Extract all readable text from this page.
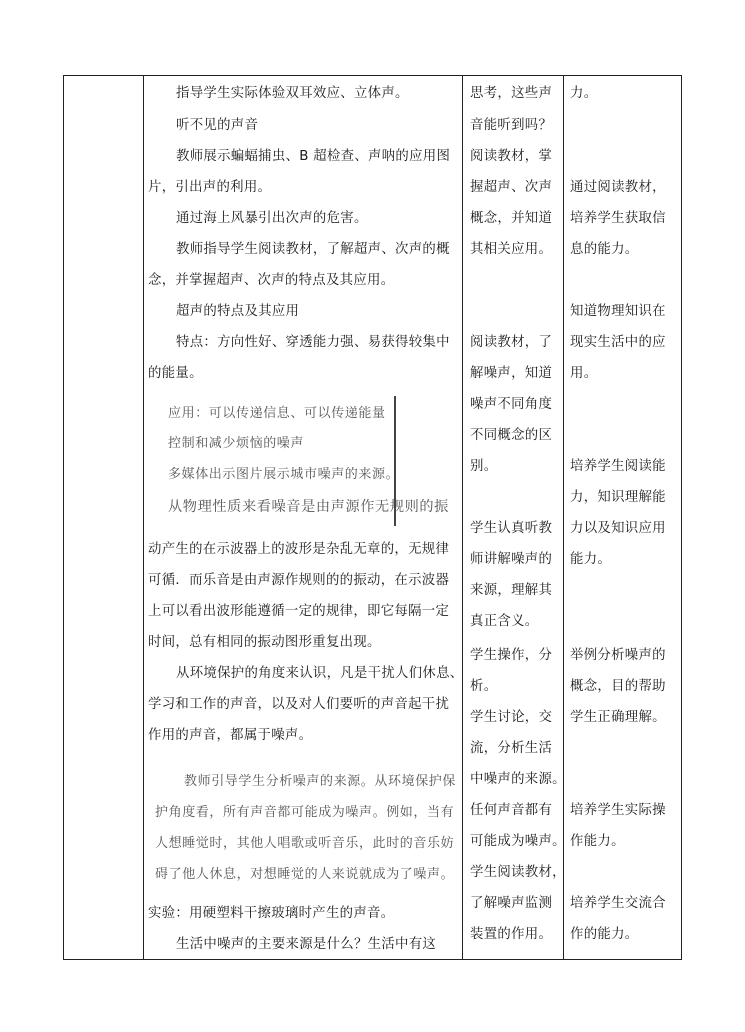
指导学生实际体验双耳效应、立体声。
听不见的声音
教师展示蝙蝠捕虫、B 超检查、声呐的应用图
片，引出声的利用。
通过海上风暴引出次声的危害。
教师指导学生阅读教材，了解超声、次声的概
念，并掌握超声、次声的特点及其应用。
超声的特点及其应用
特点：方向性好、穿透能力强、易获得较集中
的能量。
应用：可以传递信息、可以传递能量
控制和减少烦恼的噪声
多媒体出示图片展示城市噪声的来源。
从物理性质来看噪音是由声源作无规则的振
动产生的在示波器上的波形是杂乱无章的，无规律
可循．而乐音是由声源作规则的的振动，在示波器
上可以看出波形能遵循一定的规律，即它每隔一定
时间，总有相同的振动图形重复出现。
从环境保护的角度来认识，凡是干扰人们休息、
学习和工作的声音，以及对人们要听的声音起干扰
作用的声音，都属于噪声。
教师引导学生分析噪声的来源。从环境保护保
护角度看，所有声音都可能成为噪声。例如，当有
人想睡觉时，其他人唱歌或听音乐，此时的音乐妨
碍了他人休息，对想睡觉的人来说就成为了噪声。
实验：用硬塑料干擦玻璃时产生的声音。
生活中噪声的主要来源是什么？生活中有这
思考，这些声
音能听到吗？
阅读教材，掌
握超声、次声
概念，并知道
其相关应用。
阅读教材，了
解噪声，知道
噪声不同角度
不同概念的区
别。
学生认真听教
师讲解噪声的
来源，理解其
真正含义。
学生操作，分
析。
学生讨论，交
流，分析生活
中噪声的来源。
任何声音都有
可能成为噪声。
学生阅读教材，
了解噪声监测
装置的作用。
力。
通过阅读教材，
培养学生获取信
息的能力。
知道物理知识在
现实生活中的应
用。
培养学生阅读能
力，知识理解能
力以及知识应用
能力。
举例分析噪声的
概念，目的帮助
学生正确理解。
培养学生实际操
作能力。
培养学生交流合
作的能力。
